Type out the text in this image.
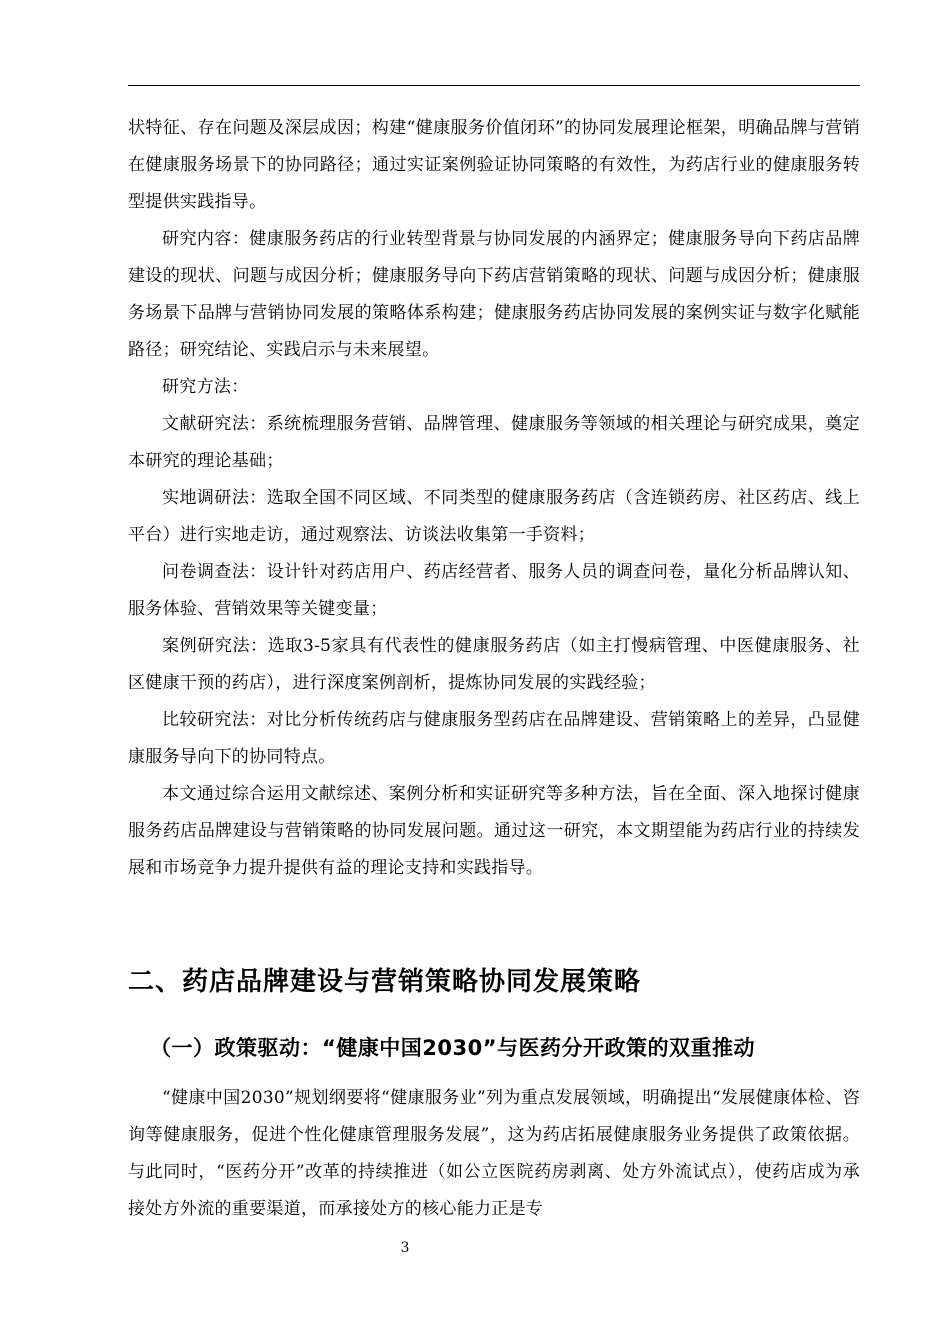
状特征、存在问题及深层成因；构建“健康服务价值闭环”的协同发展理论框架，明确品牌与营销在健康服务场景下的协同路径；通过实证案例验证协同策略的有效性，为药店行业的健康服务转型提供实践指导。

研究内容：健康服务药店的行业转型背景与协同发展的内涵界定；健康服务导向下药店品牌建设的现状、问题与成因分析；健康服务导向下药店营销策略的现状、问题与成因分析；健康服务场景下品牌与营销协同发展的策略体系构建；健康服务药店协同发展的案例实证与数字化赋能路径；研究结论、实践启示与未来展望。

研究方法：

文献研究法：系统梳理服务营销、品牌管理、健康服务等领域的相关理论与研究成果，奠定本研究的理论基础；

实地调研法：选取全国不同区域、不同类型的健康服务药店（含连锁药房、社区药店、线上平台）进行实地走访，通过观察法、访谈法收集第一手资料；

问卷调查法：设计针对药店用户、药店经营者、服务人员的调查问卷，量化分析品牌认知、服务体验、营销效果等关键变量；

案例研究法：选取3-5家具有代表性的健康服务药店（如主打慢病管理、中医健康服务、社区健康干预的药店），进行深度案例剖析，提炼协同发展的实践经验；

比较研究法：对比分析传统药店与健康服务型药店在品牌建设、营销策略上的差异，凸显健康服务导向下的协同特点。

本文通过综合运用文献综述、案例分析和实证研究等多种方法，旨在全面、深入地探讨健康服务药店品牌建设与营销策略的协同发展问题。通过这一研究，本文期望能为药店行业的持续发展和市场竞争力提升提供有益的理论支持和实践指导。

二、药店品牌建设与营销策略协同发展策略
（一）政策驱动：“健康中国2030”与医药分开政策的双重推动

“健康中国2030”规划纲要将“健康服务业”列为重点发展领域，明确提出“发展健康体检、咨询等健康服务，促进个性化健康管理服务发展”，这为药店拓展健康服务业务提供了政策依据。与此同时，“医药分开”改革的持续推进（如公立医院药房剥离、处方外流试点），使药店成为承接处方外流的重要渠道，而承接处方的核心能力正是专

3
